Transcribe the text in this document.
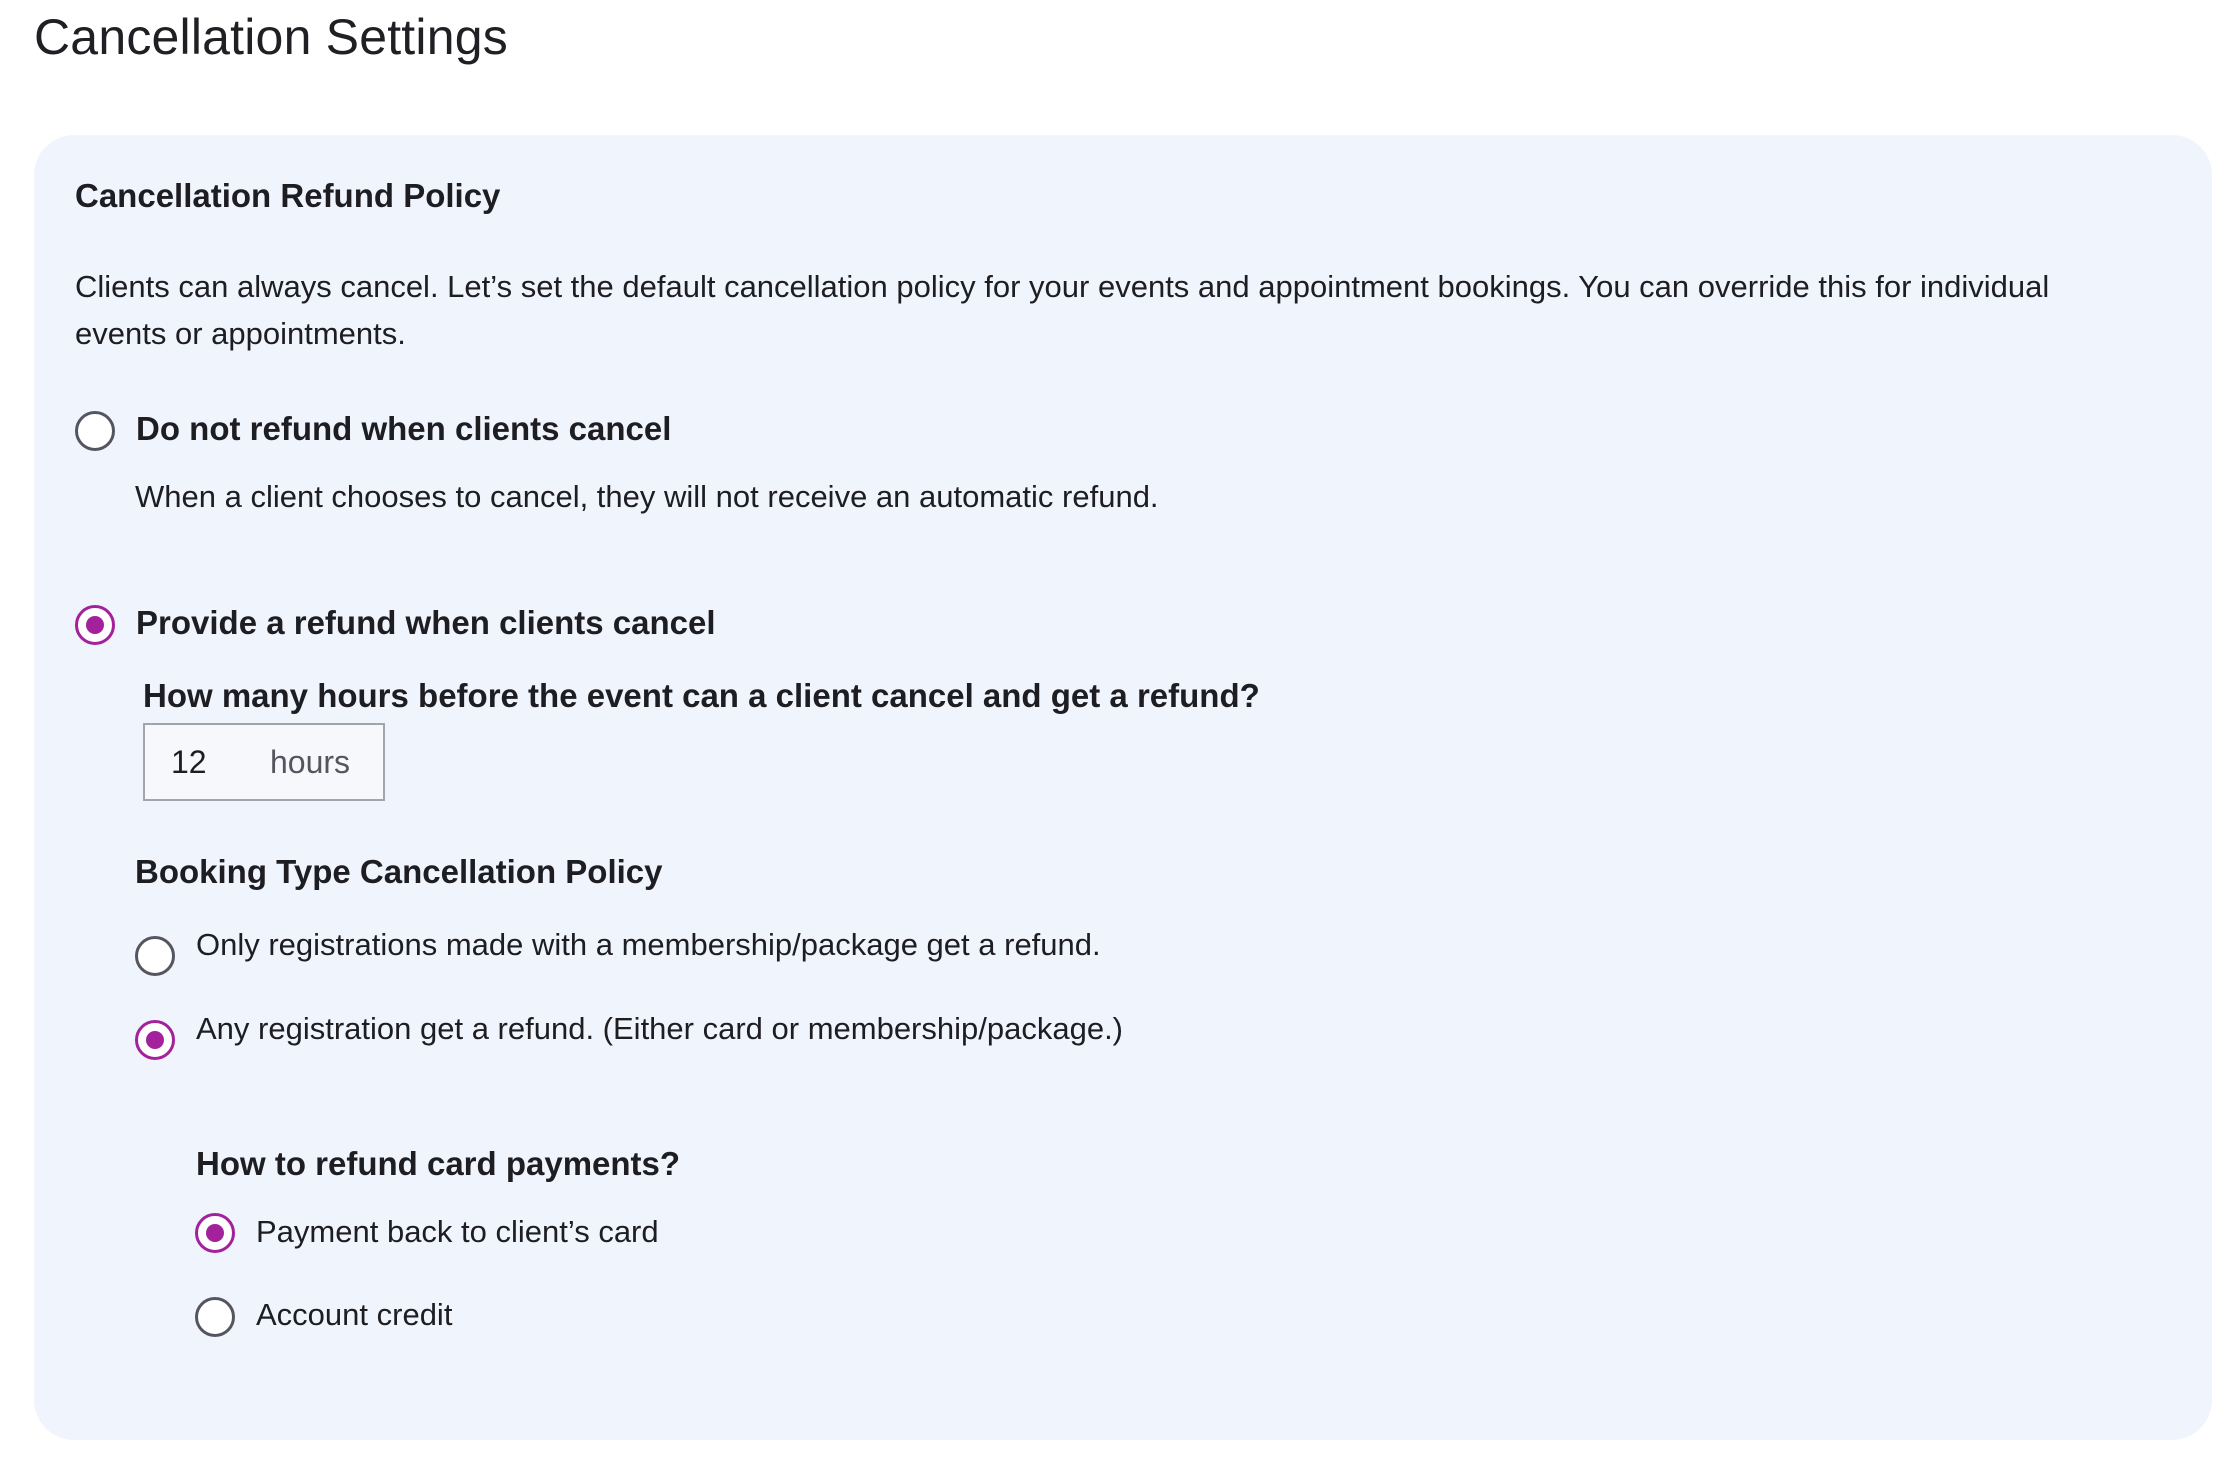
Cancellation Settings
Cancellation Refund Policy
Clients can always cancel. Let’s set the default cancellation policy for your events and appointment bookings. You can override this for individual events or appointments.
Do not refund when clients cancel
When a client chooses to cancel, they will not receive an automatic refund.
Provide a refund when clients cancel
How many hours before the event can a client cancel and get a refund?
12
hours
Booking Type Cancellation Policy
Only registrations made with a membership/package get a refund.
Any registration get a refund. (Either card or membership/package.)
How to refund card payments?
Payment back to client’s card
Account credit
